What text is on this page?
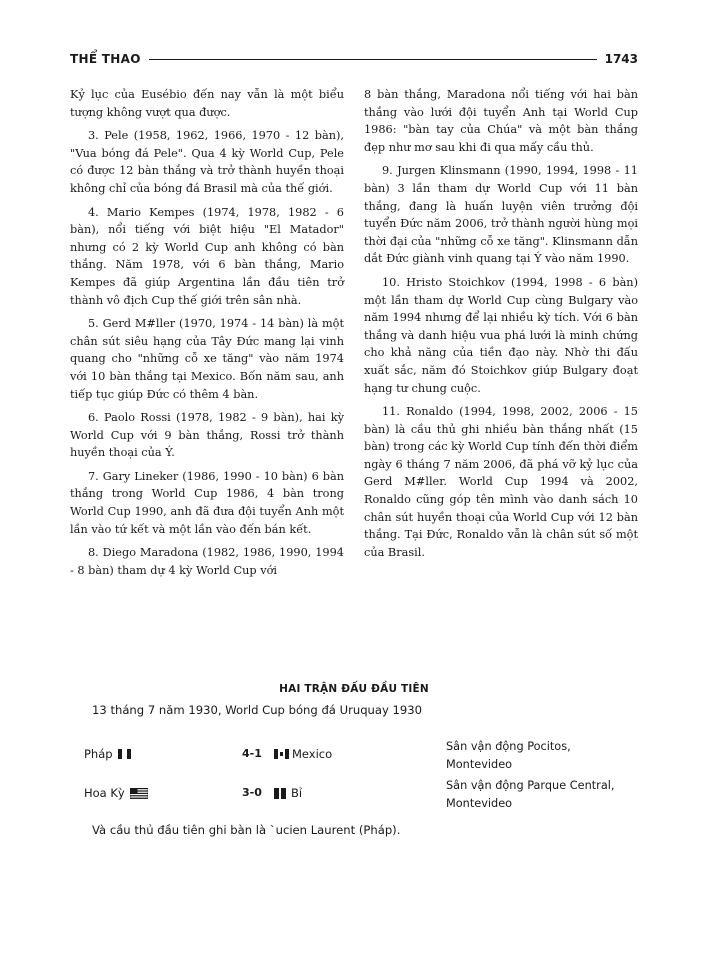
THỂ THAO	1743

Kỷ lục của Eusébio đến nay vẫn là một biểu tượng không vượt qua được.

3. Pele (1958, 1962, 1966, 1970 - 12 bàn), "Vua bóng đá Pele". Qua 4 kỳ World Cup, Pele có được 12 bàn thắng và trở thành huyền thoại không chỉ của bóng đá Brasil mà của thế giới.

4. Mario Kempes (1974, 1978, 1982 - 6 bàn), nổi tiếng với biệt hiệu "El Matador" nhưng có 2 kỳ World Cup anh không có bàn thắng. Năm 1978, với 6 bàn thắng, Mario Kempes đã giúp Argentina lần đầu tiên trở thành vô địch Cup thế giới trên sân nhà.

5. Gerd M#ller (1970, 1974 - 14 bàn) là một chân sút siêu hạng của Tây Đức mang lại vinh quang cho "những cỗ xe tăng" vào năm 1974 với 10 bàn thắng tại Mexico. Bốn năm sau, anh tiếp tục giúp Đức có thêm 4 bàn.

6. Paolo Rossi (1978, 1982 - 9 bàn), hai kỳ World Cup với 9 bàn thắng, Rossi trở thành huyền thoại của Ý.

7. Gary Lineker (1986, 1990 - 10 bàn) 6 bàn thắng trong World Cup 1986, 4 bàn trong World Cup 1990, anh đã đưa đội tuyển Anh một lần vào tứ kết và một lần vào đến bán kết.

8. Diego Maradona (1982, 1986, 1990, 1994 - 8 bàn) tham dự 4 kỳ World Cup với

8 bàn thắng, Maradona nổi tiếng với hai bàn thắng vào lưới đội tuyển Anh tại World Cup 1986: "bàn tay của Chúa" và một bàn thắng đẹp như mơ sau khi đi qua mấy cầu thủ.

9. Jurgen Klinsmann (1990, 1994, 1998 - 11 bàn) 3 lần tham dự World Cup với 11 bàn thắng, đang là huấn luyện viên trưởng đội tuyển Đức năm 2006, trở thành người hùng mọi thời đại của "những cỗ xe tăng". Klinsmann dẫn dắt Đức giành vinh quang tại Ý vào năm 1990.

10. Hristo Stoichkov (1994, 1998 - 6 bàn) một lần tham dự World Cup cùng Bulgary vào năm 1994 nhưng để lại nhiều kỳ tích. Với 6 bàn thắng và danh hiệu vua phá lưới là minh chứng cho khả năng của tiền đạo này. Nhờ thi đấu xuất sắc, năm đó Stoichkov giúp Bulgary đoạt hạng tư chung cuộc.

11. Ronaldo (1994, 1998, 2002, 2006 - 15 bàn) là cầu thủ ghi nhiều bàn thắng nhất (15 bàn) trong các kỳ World Cup tính đến thời điểm ngày 6 tháng 7 năm 2006, đã phá vỡ kỷ lục của Gerd M#ller. World Cup 1994 và 2002, Ronaldo cũng góp tên mình vào danh sách 10 chân sút huyền thoại của World Cup với 12 bàn thắng. Tại Đức, Ronaldo vẫn là chân sút số một của Brasil.

HAI TRẬN ĐẤU ĐẦU TIÊN
13 tháng 7 năm 1930, World Cup bóng đá Uruquay 1930
Pháp	4-1	Mexico
Sân vận động Pocitos,
Montevideo
Hoa Kỳ	3-0	Bỉ
Sân vận động Parque Central,
Montevideo
Và cầu thủ đầu tiên ghi bàn là `ucien Laurent (Pháp).
